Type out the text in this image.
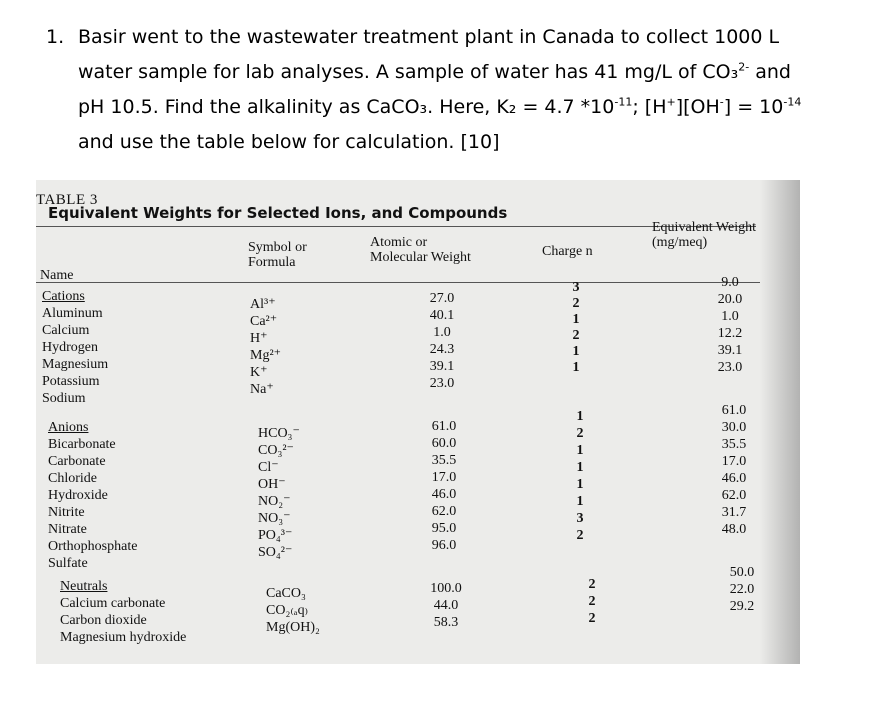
1. Basir went to the wastewater treatment plant in Canada to collect 1000 L
water sample for lab analyses. A sample of water has 41 mg/L of CO₃$^{2-}$ and
pH 10.5. Find the alkalinity as CaCO₃. Here, K₂ = 4.7 $*10^{-11}$; $[H^+][OH^-] = 10^{-14}$
and use the table below for calculation. [10]
TABLE 3
Equivalent Weights for Selected Ions, and Compounds
Name
Symbol or
Formula
Atomic or
Molecular Weight	Charge n
Equivalent Weight
(mg/meq)
Cations
Aluminum
Calcium
Hydrogen
Magnesium
Potassium
Sodium
Al³⁺
Ca²⁺
H⁺
Mg²⁺
K⁺
Na⁺
27.0
40.1
1.0
24.3
39.1
23.0
3
2
1
2
1
1
9.0
20.0
1.0
12.2
39.1
23.0
Anions
Bicarbonate
Carbonate
Chloride
Hydroxide
Nitrite
Nitrate
Orthophosphate
Sulfate
HCO₃⁻
CO₃²⁻
Cl⁻
OH⁻
NO₂⁻
NO₃⁻
PO₄³⁻
SO₄²⁻
61.0
60.0
35.5
17.0
46.0
62.0
95.0
96.0
1
2
1
1
1
1
3
2
61.0
30.0
35.5
17.0
46.0
62.0
31.7
48.0
Neutrals
Calcium carbonate
Carbon dioxide
Magnesium hydroxide
CaCO₃
CO₂₍ₐq₎
Mg(OH)₂
100.0
44.0
58.3
2
2
2
50.0
22.0
29.2
